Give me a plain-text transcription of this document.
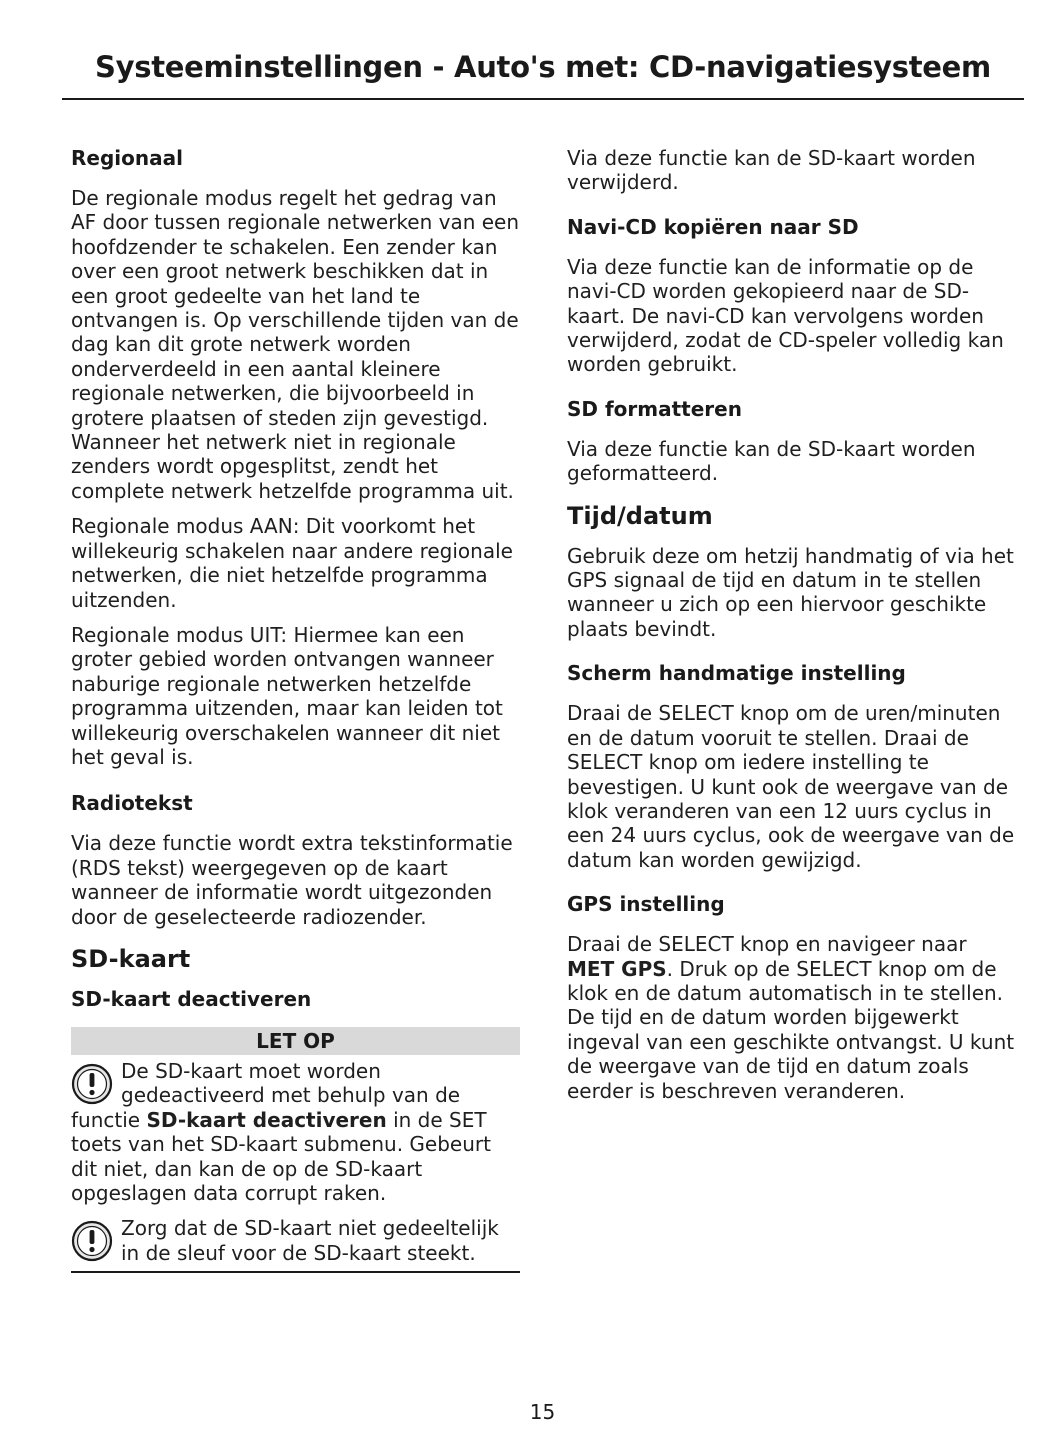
Systeeminstellingen - Auto's met: CD-navigatiesysteem
Regionaal

De regionale modus regelt het gedrag van AF door tussen regionale netwerken van een hoofdzender te schakelen. Een zender kan over een groot netwerk beschikken dat in een groot gedeelte van het land te ontvangen is. Op verschillende tijden van de dag kan dit grote netwerk worden onderverdeeld in een aantal kleinere regionale netwerken, die bijvoorbeeld in grotere plaatsen of steden zijn gevestigd. Wanneer het netwerk niet in regionale zenders wordt opgesplitst, zendt het complete netwerk hetzelfde programma uit.

Regionale modus AAN: Dit voorkomt het willekeurig schakelen naar andere regionale netwerken, die niet hetzelfde programma uitzenden.

Regionale modus UIT: Hiermee kan een groter gebied worden ontvangen wanneer naburige regionale netwerken hetzelfde programma uitzenden, maar kan leiden tot willekeurig overschakelen wanneer dit niet het geval is.

Radiotekst

Via deze functie wordt extra tekstinformatie (RDS tekst) weergegeven op de kaart wanneer de informatie wordt uitgezonden door de geselecteerde radiozender.

SD-kaart
SD-kaart deactiveren
LET OP
De SD-kaart moet worden gedeactiveerd met behulp van de functie SD-kaart deactiveren in de SET toets van het SD-kaart submenu. Gebeurt dit niet, dan kan de op de SD-kaart opgeslagen data corrupt raken.
Zorg dat de SD-kaart niet gedeeltelijk in de sleuf voor de SD-kaart steekt.

Via deze functie kan de SD-kaart worden verwijderd.

Navi-CD kopiëren naar SD

Via deze functie kan de informatie op de navi-CD worden gekopieerd naar de SD-kaart. De navi-CD kan vervolgens worden verwijderd, zodat de CD-speler volledig kan worden gebruikt.

SD formatteren

Via deze functie kan de SD-kaart worden geformatteerd.

Tijd/datum

Gebruik deze om hetzij handmatig of via het GPS signaal de tijd en datum in te stellen wanneer u zich op een hiervoor geschikte plaats bevindt.

Scherm handmatige instelling

Draai de SELECT knop om de uren/minuten en de datum vooruit te stellen. Draai de SELECT knop om iedere instelling te bevestigen. U kunt ook de weergave van de klok veranderen van een 12 uurs cyclus in een 24 uurs cyclus, ook de weergave van de datum kan worden gewijzigd.

GPS instelling

Draai de SELECT knop en navigeer naar MET GPS. Druk op de SELECT knop om de klok en de datum automatisch in te stellen. De tijd en de datum worden bijgewerkt ingeval van een geschikte ontvangst. U kunt de weergave van de tijd en datum zoals eerder is beschreven veranderen.

15
